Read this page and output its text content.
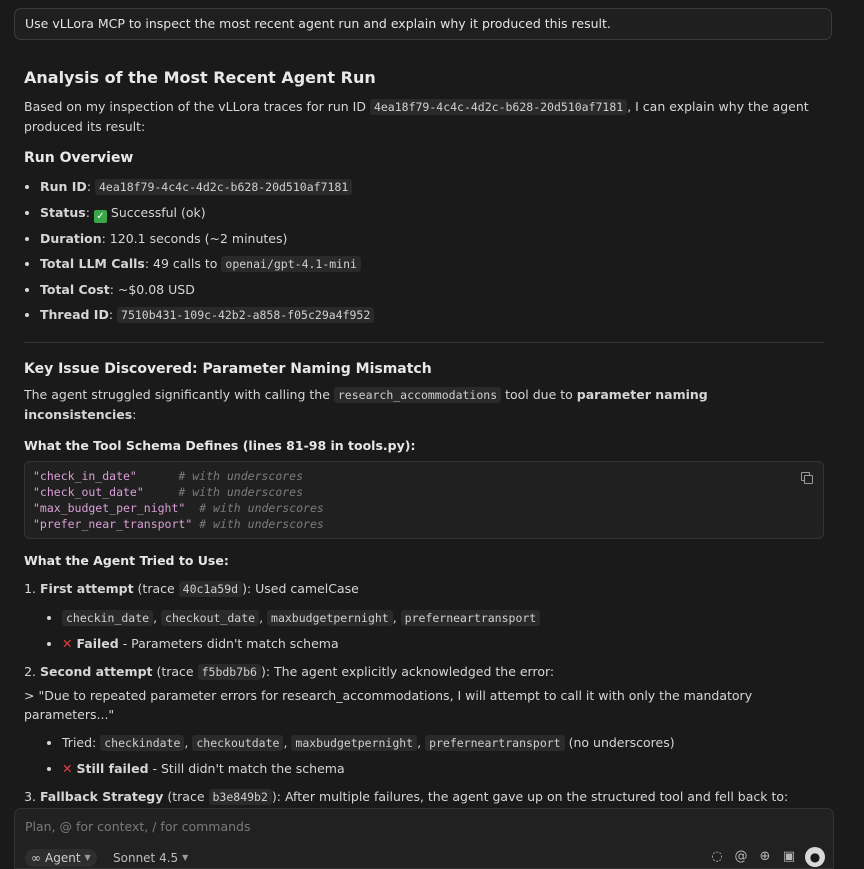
Use vLLora MCP to inspect the most recent agent run and explain why it produced this result.
Analysis of the Most Recent Agent Run

Based on my inspection of the vLLora traces for run ID 4ea18f79-4c4c-4d2c-b628-20d510af7181 , I can explain why the agent produced its result:

Run Overview
• Run ID: 4ea18f79-4c4c-4d2c-b628-20d510af7181
• Status: ✓ Successful (ok)
• Duration: 120.1 seconds (~2 minutes)
• Total LLM Calls: 49 calls to openai/gpt-4.1-mini
• Total Cost: ~$0.08 USD
• Thread ID: 7510b431-109c-42b2-a858-f05c29a4f952
Key Issue Discovered: Parameter Naming Mismatch

The agent struggled significantly with calling the research_accommodations tool due to parameter naming inconsistencies:

What the Tool Schema Defines (lines 81-98 in tools.py):
"check_in_date"	# with underscores
"check_out_date"	# with underscores
"max_budget_per_night" # with underscores
"prefer_near_transport" # with underscores
What the Agent Tried to Use:
1. First attempt (trace 40c1a59d ): Used camelCase
• checkin_date , checkout_date , maxbudgetpernight , preferneartransport
• ✕ Failed - Parameters didn't match schema
2. Second attempt (trace f5bdb7b6 ): The agent explicitly acknowledged the error:
> "Due to repeated parameter errors for research_accommodations, I will attempt to call it with only the mandatory parameters..."
• Tried: checkindate , checkoutdate , maxbudgetpernight , preferneartransport (no underscores)
• ✕ Still failed - Still didn't match the schema
3. Fallback Strategy (trace b3e849b2 ): After multiple failures, the agent gave up on the structured tool and fell back to:
Plan, @ for context, / for commands
∞ Agent ▼ Sonnet 4.5 ▼	◌ @ ⊕ ▣	●
